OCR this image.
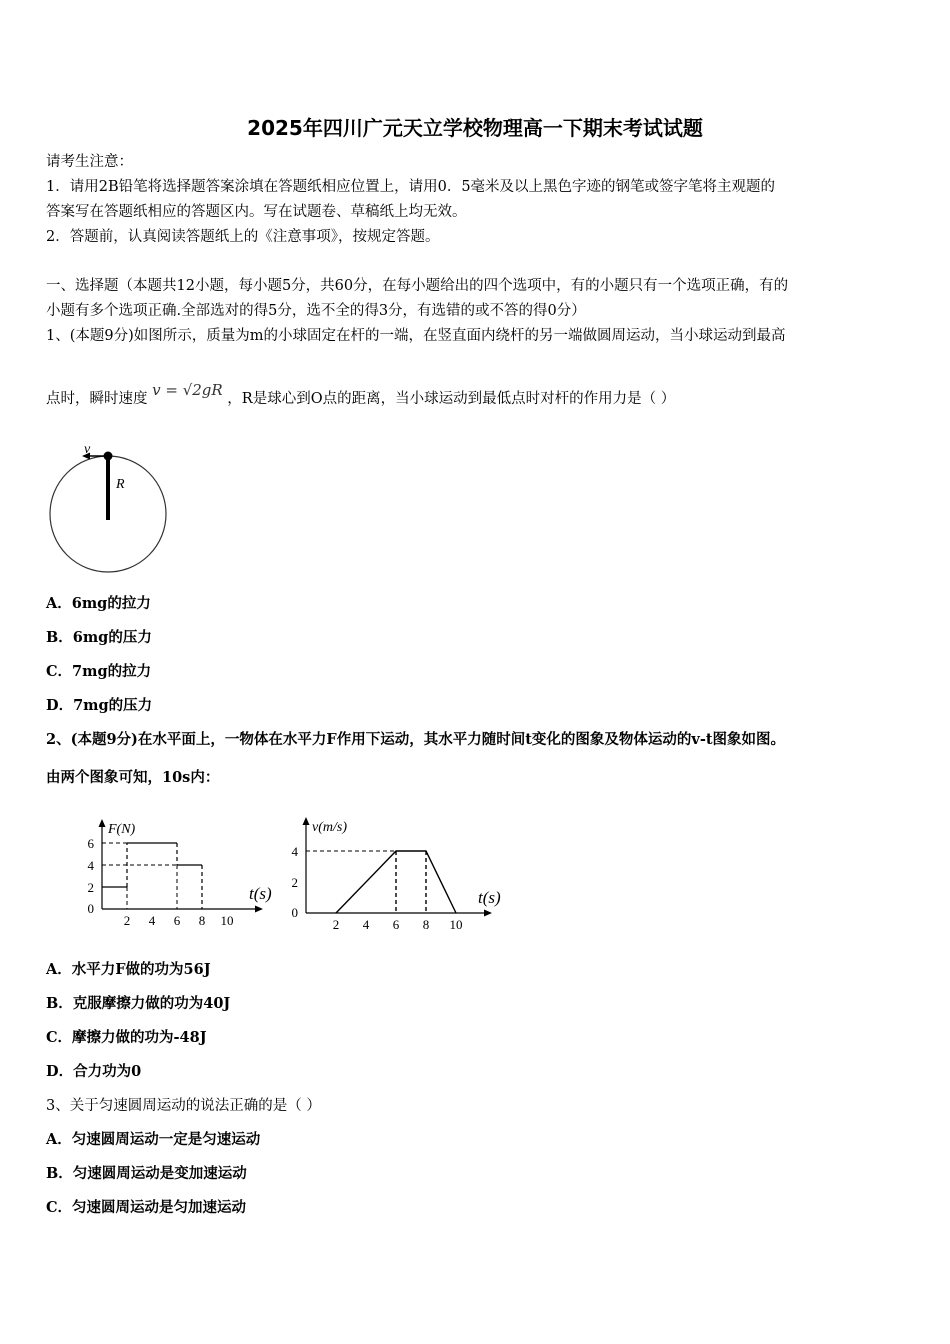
2025年四川广元天立学校物理高一下期末考试试题
请考生注意：
1．请用2B铅笔将选择题答案涂填在答题纸相应位置上，请用0．5毫米及以上黑色字迹的钢笔或签字笔将主观题的
答案写在答题纸相应的答题区内。写在试题卷、草稿纸上均无效。
2．答题前，认真阅读答题纸上的《注意事项》，按规定答题。
一、选择题（本题共12小题，每小题5分，共60分，在每小题给出的四个选项中，有的小题只有一个选项正确，有的
小题有多个选项正确.全部选对的得5分，选不全的得3分，有选错的或不答的得0分）
1、(本题9分)如图所示，质量为m的小球固定在杆的一端，在竖直面内绕杆的另一端做圆周运动，当小球运动到最高
点时，瞬时速度 v = √2gR ，R是球心到O点的距离，当小球运动到最低点时对杆的作用力是（ ）
v
R
A．6mg的拉力
B．6mg的压力
C．7mg的拉力
D．7mg的压力
2、(本题9分)在水平面上，一物体在水平力F作用下运动，其水平力随时间t变化的图象及物体运动的v-t图象如图。
由两个图象可知，10s内：
2 4 6 8 10
0
2
4
6
F(N)
t(s)
2 4 6 8 10
0
2
4
v(m/s)
t(s)
A．水平力F做的功为56J
B．克服摩擦力做的功为40J
C．摩擦力做的功为-48J
D．合力功为0
3、关于匀速圆周运动的说法正确的是（ ）
A．匀速圆周运动一定是匀速运动
B．匀速圆周运动是变加速运动
C．匀速圆周运动是匀加速运动
